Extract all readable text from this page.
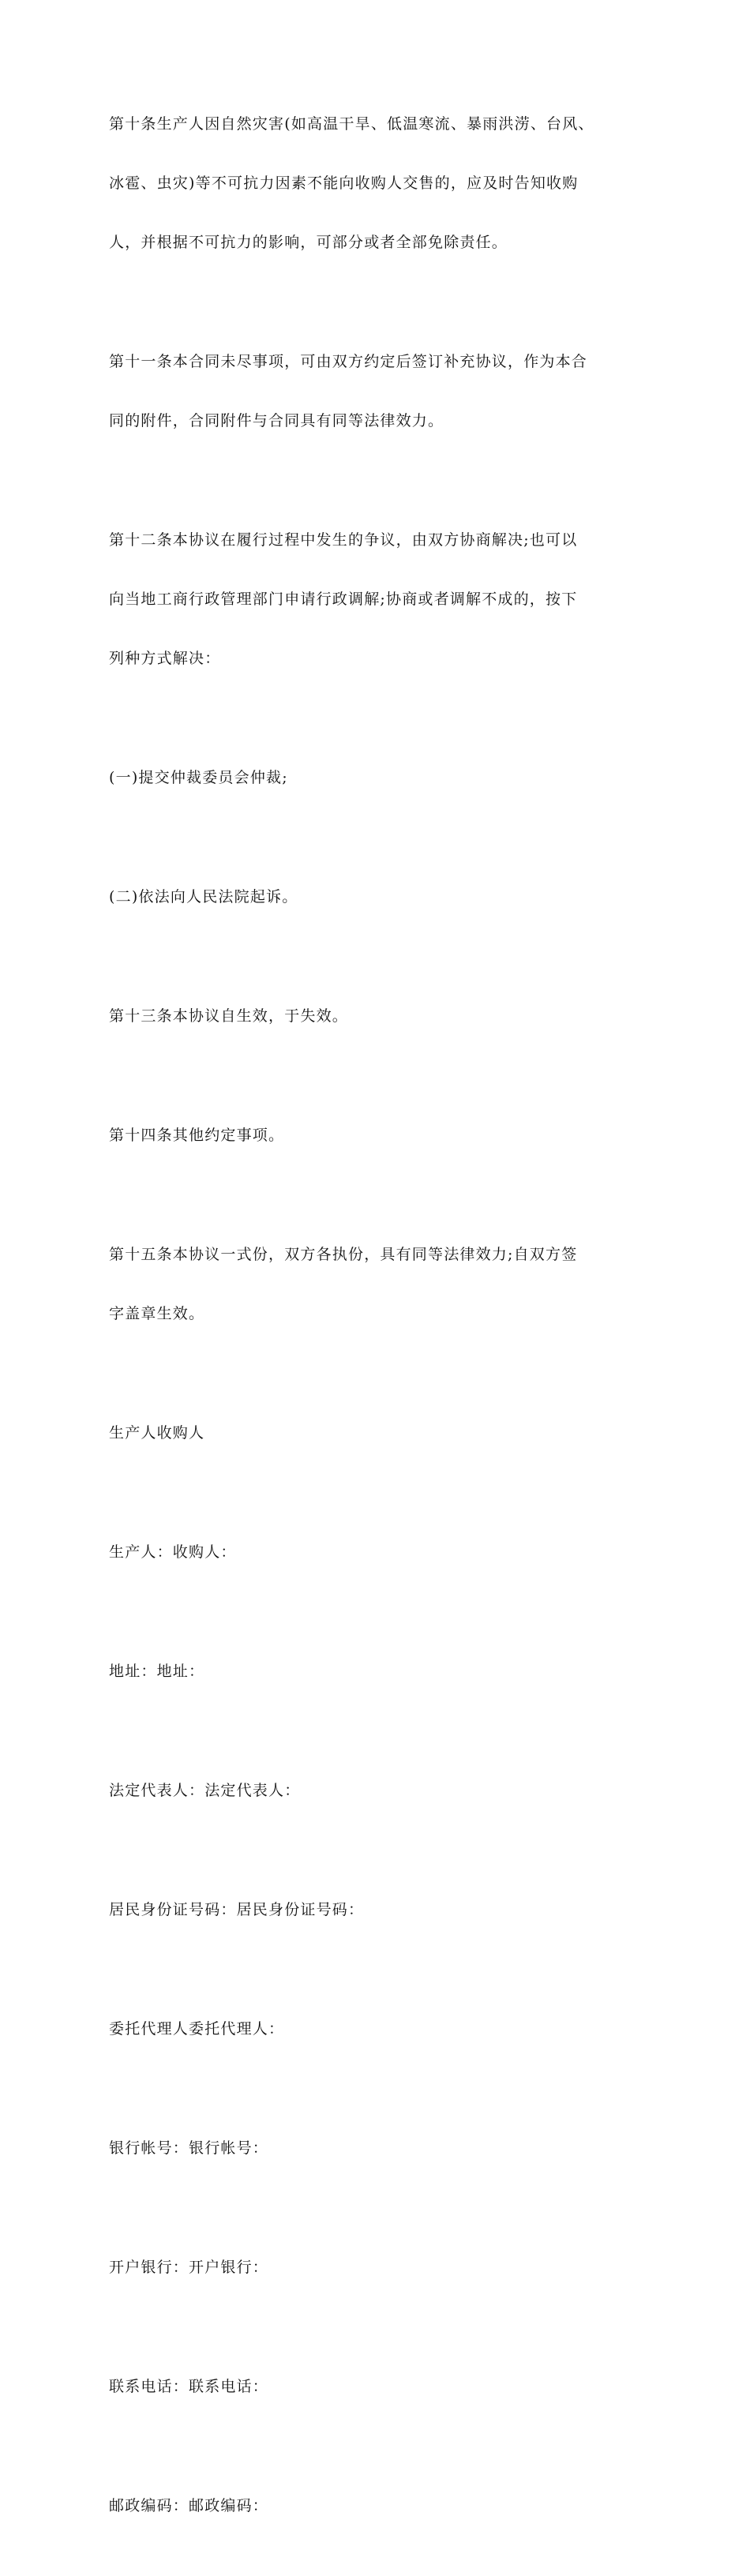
第十条生产人因自然灾害(如高温干旱、低温寒流、暴雨洪涝、台风、

冰雹、虫灾)等不可抗力因素不能向收购人交售的，应及时告知收购

人，并根据不可抗力的影响，可部分或者全部免除责任。

第十一条本合同未尽事项，可由双方约定后签订补充协议，作为本合

同的附件，合同附件与合同具有同等法律效力。

第十二条本协议在履行过程中发生的争议，由双方协商解决;也可以

向当地工商行政管理部门申请行政调解;协商或者调解不成的，按下

列种方式解决：

(一)提交仲裁委员会仲裁;

(二)依法向人民法院起诉。

第十三条本协议自生效，于失效。

第十四条其他约定事项。

第十五条本协议一式份，双方各执份，具有同等法律效力;自双方签

字盖章生效。

生产人收购人

生产人：收购人：

地址：地址：

法定代表人：法定代表人：

居民身份证号码：居民身份证号码：

委托代理人委托代理人：

银行帐号：银行帐号：

开户银行：开户银行：

联系电话：联系电话：

邮政编码：邮政编码：
